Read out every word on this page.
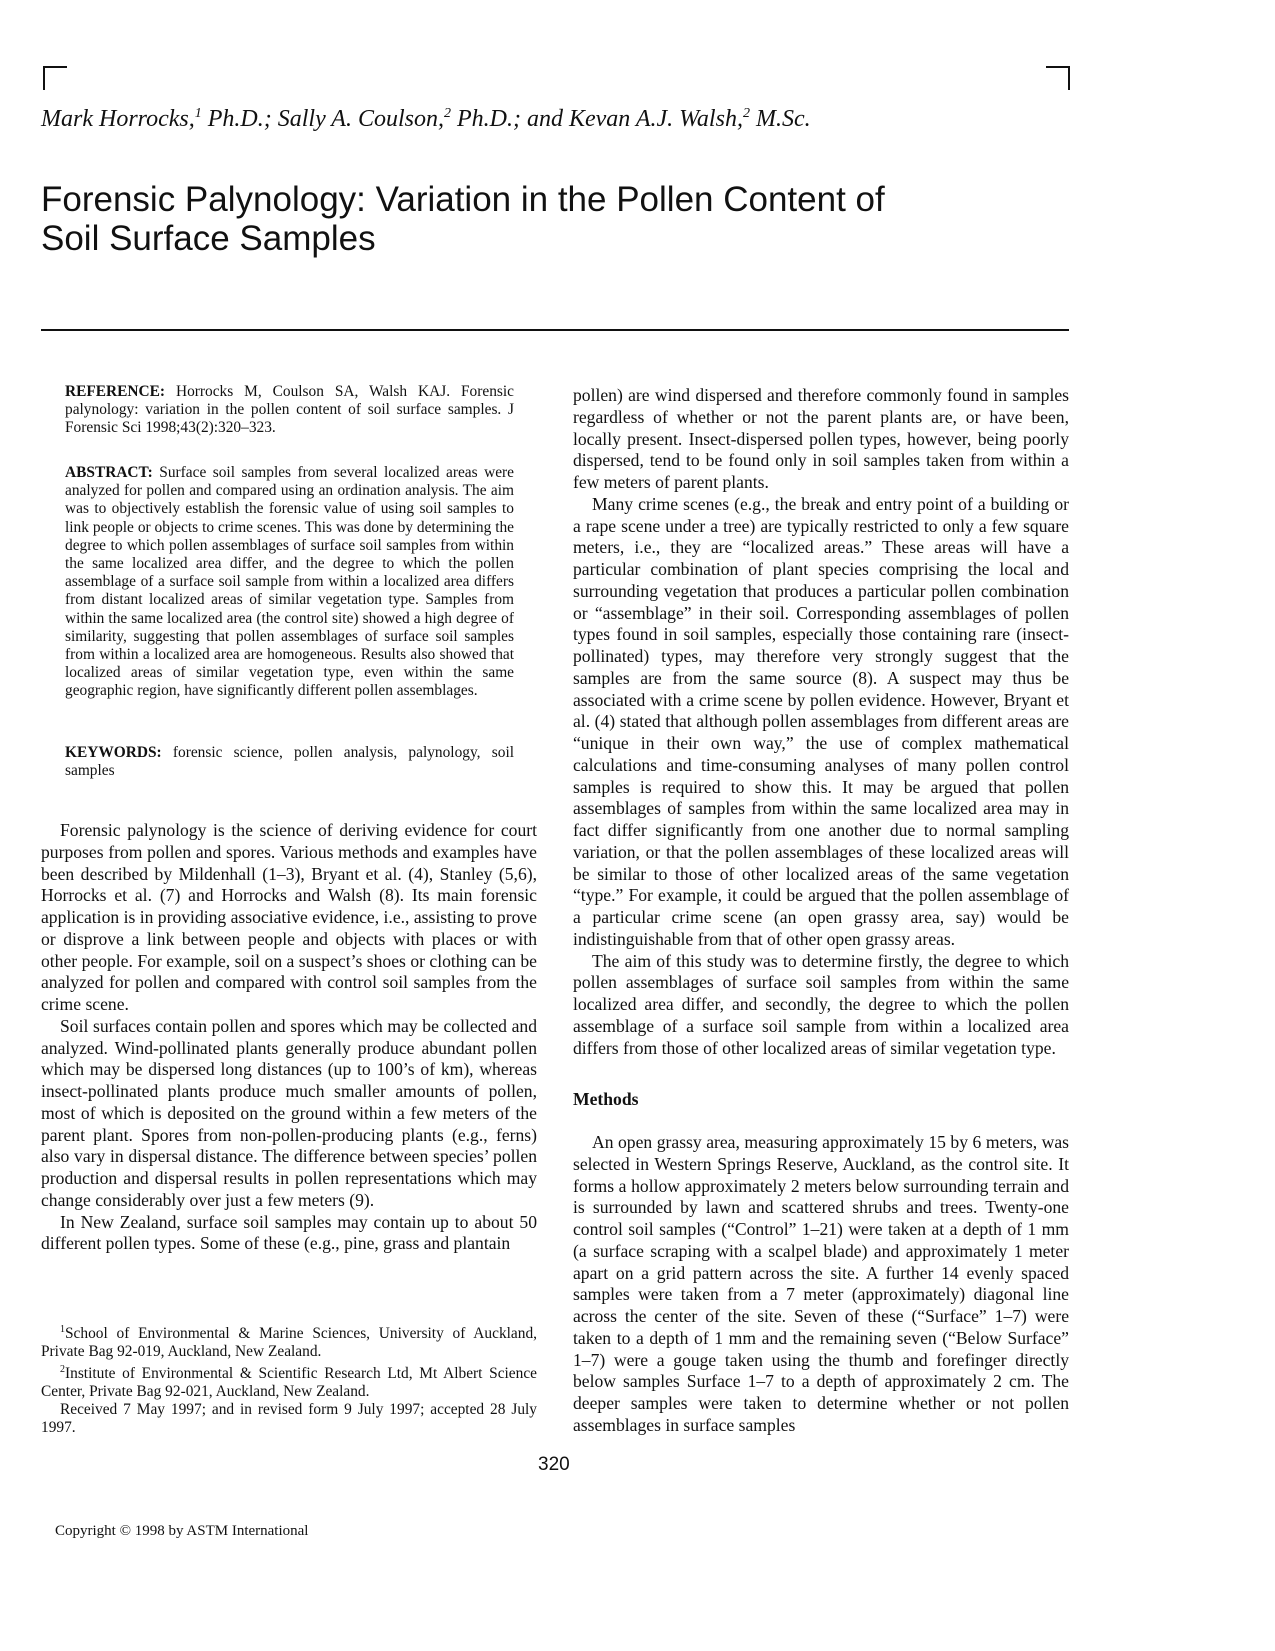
Mark Horrocks,$^1$ Ph.D.; Sally A. Coulson,$^2$ Ph.D.; and Kevan A.J. Walsh,$^2$ M.Sc.
Forensic Palynology: Variation in the Pollen Content of
Soil Surface Samples
REFERENCE: Horrocks M, Coulson SA, Walsh KAJ. Forensic palynology: variation in the pollen content of soil surface samples. J Forensic Sci 1998;43(2):320–323.
ABSTRACT: Surface soil samples from several localized areas were analyzed for pollen and compared using an ordination analysis. The aim was to objectively establish the forensic value of using soil samples to link people or objects to crime scenes. This was done by determining the degree to which pollen assemblages of surface soil samples from within the same localized area differ, and the degree to which the pollen assemblage of a surface soil sample from within a localized area differs from distant localized areas of similar vegetation type. Samples from within the same localized area (the control site) showed a high degree of similarity, suggesting that pollen assemblages of surface soil samples from within a localized area are homogeneous. Results also showed that localized areas of similar vegetation type, even within the same geographic region, have significantly different pollen assemblages.
KEYWORDS: forensic science, pollen analysis, palynology, soil samples

Forensic palynology is the science of deriving evidence for court purposes from pollen and spores. Various methods and examples have been described by Mildenhall (1–3), Bryant et al. (4), Stanley (5,6), Horrocks et al. (7) and Horrocks and Walsh (8). Its main forensic application is in providing associative evidence, i.e., assisting to prove or disprove a link between people and objects with places or with other people. For example, soil on a suspect’s shoes or clothing can be analyzed for pollen and compared with control soil samples from the crime scene.

Soil surfaces contain pollen and spores which may be collected and analyzed. Wind-pollinated plants generally produce abundant pollen which may be dispersed long distances (up to 100’s of km), whereas insect-pollinated plants produce much smaller amounts of pollen, most of which is deposited on the ground within a few meters of the parent plant. Spores from non-pollen-producing plants (e.g., ferns) also vary in dispersal distance. The difference between species’ pollen production and dispersal results in pollen representations which may change considerably over just a few meters (9).

In New Zealand, surface soil samples may contain up to about 50 different pollen types. Some of these (e.g., pine, grass and plantain

$^1$School of Environmental & Marine Sciences, University of Auckland, Private Bag 92-019, Auckland, New Zealand.

$^2$Institute of Environmental & Scientific Research Ltd, Mt Albert Science Center, Private Bag 92-021, Auckland, New Zealand.

Received 7 May 1997; and in revised form 9 July 1997; accepted 28 July 1997.

pollen) are wind dispersed and therefore commonly found in samples regardless of whether or not the parent plants are, or have been, locally present. Insect-dispersed pollen types, however, being poorly dispersed, tend to be found only in soil samples taken from within a few meters of parent plants.

Many crime scenes (e.g., the break and entry point of a building or a rape scene under a tree) are typically restricted to only a few square meters, i.e., they are “localized areas.” These areas will have a particular combination of plant species comprising the local and surrounding vegetation that produces a particular pollen combination or “assemblage” in their soil. Corresponding assemblages of pollen types found in soil samples, especially those containing rare (insect-pollinated) types, may therefore very strongly suggest that the samples are from the same source (8). A suspect may thus be associated with a crime scene by pollen evidence. However, Bryant et al. (4) stated that although pollen assemblages from different areas are “unique in their own way,” the use of complex mathematical calculations and time-consuming analyses of many pollen control samples is required to show this. It may be argued that pollen assemblages of samples from within the same localized area may in fact differ significantly from one another due to normal sampling variation, or that the pollen assemblages of these localized areas will be similar to those of other localized areas of the same vegetation “type.” For example, it could be argued that the pollen assemblage of a particular crime scene (an open grassy area, say) would be indistinguishable from that of other open grassy areas.

The aim of this study was to determine firstly, the degree to which pollen assemblages of surface soil samples from within the same localized area differ, and secondly, the degree to which the pollen assemblage of a surface soil sample from within a localized area differs from those of other localized areas of similar vegetation type.

Methods

An open grassy area, measuring approximately 15 by 6 meters, was selected in Western Springs Reserve, Auckland, as the control site. It forms a hollow approximately 2 meters below surrounding terrain and is surrounded by lawn and scattered shrubs and trees. Twenty-one control soil samples (“Control” 1–21) were taken at a depth of 1 mm (a surface scraping with a scalpel blade) and approximately 1 meter apart on a grid pattern across the site. A further 14 evenly spaced samples were taken from a 7 meter (approximately) diagonal line across the center of the site. Seven of these (“Surface” 1–7) were taken to a depth of 1 mm and the remaining seven (“Below Surface” 1–7) were a gouge taken using the thumb and forefinger directly below samples Surface 1–7 to a depth of approximately 2 cm. The deeper samples were taken to determine whether or not pollen assemblages in surface samples

320
Copyright © 1998 by ASTM International
